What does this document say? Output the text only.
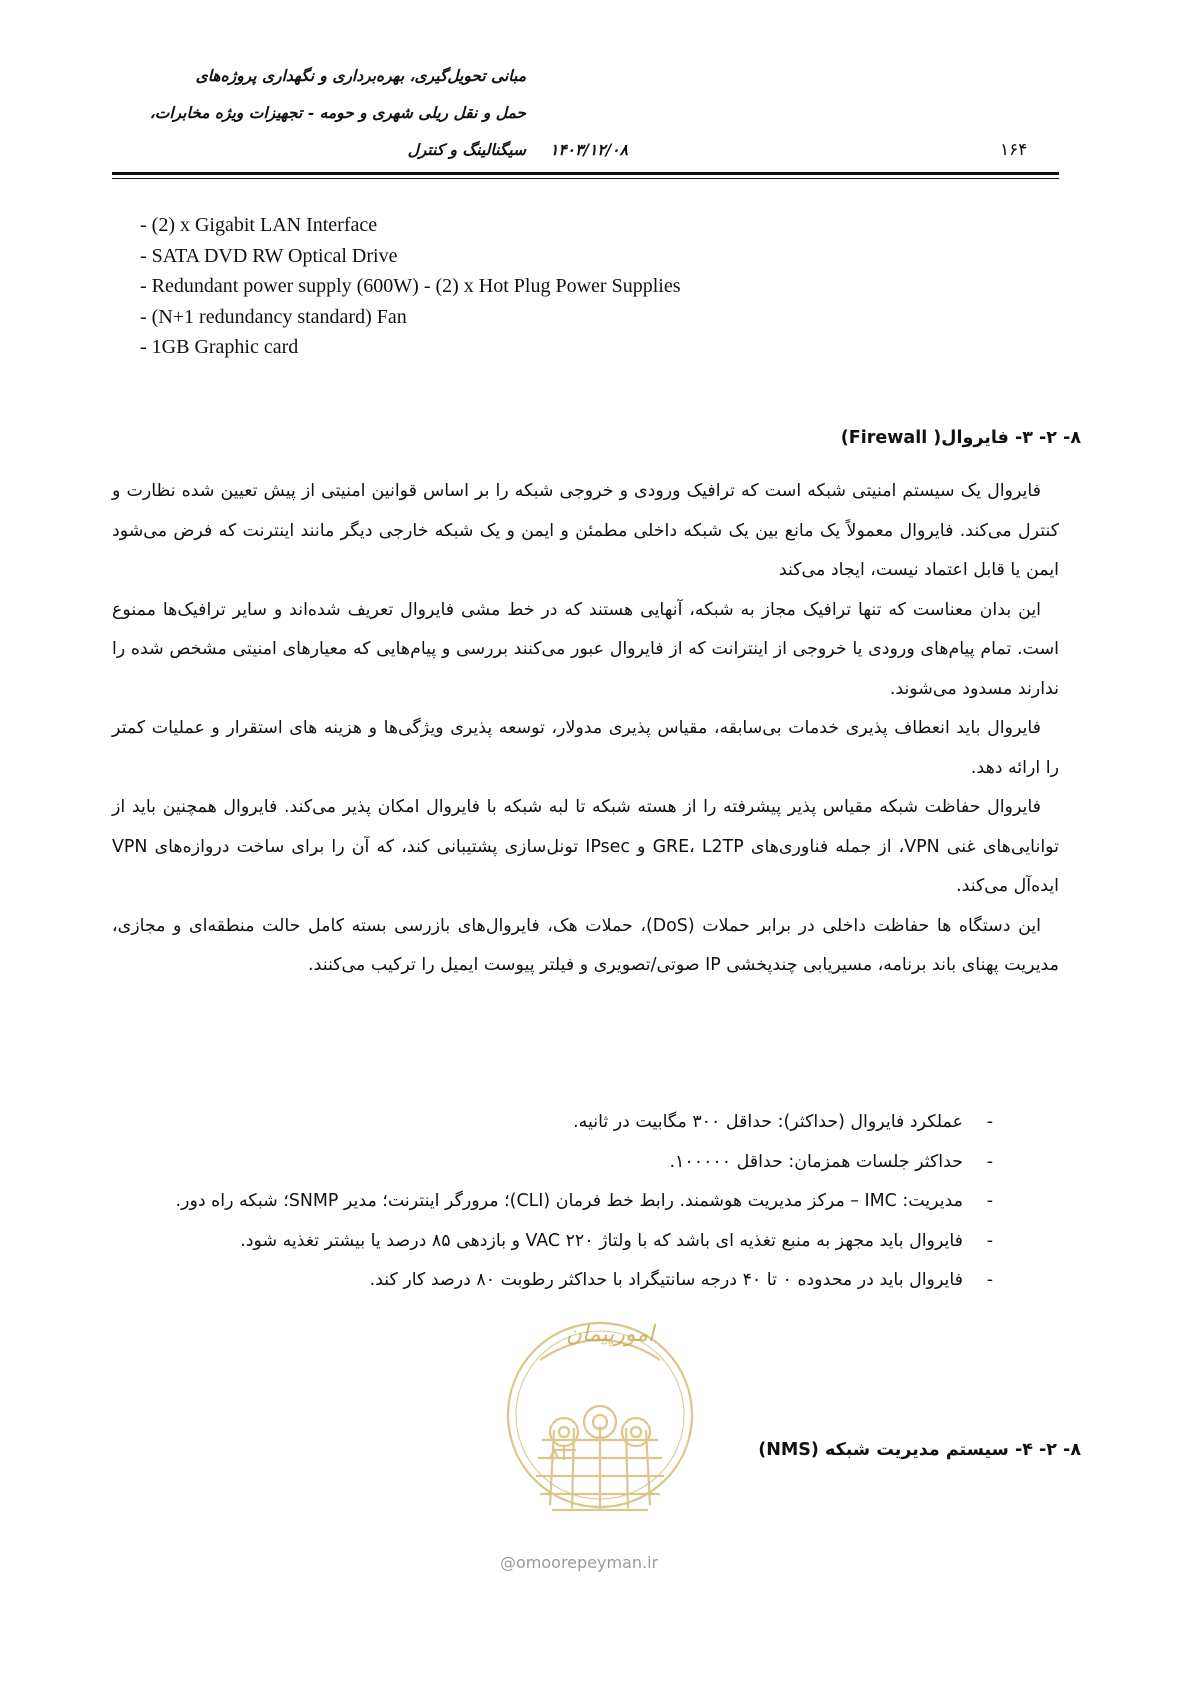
مبانی تحویل‌گیری، بهره‌برداری و نگهداری پروژه‌های
حمل و نقل ریلی شهری و حومه - تجهیزات ویژه مخابرات،
سیگنالینگ و کنترل ۱۴۰۳/۱۲/۰۸	۱۶۴
- (2) x Gigabit LAN Interface
- SATA DVD RW Optical Drive
- Redundant power supply (600W) - (2) x Hot Plug Power Supplies
- (N+1 redundancy standard) Fan
- 1GB Graphic card
۸- ۲- ۳- فایروال( Firewall)

فایروال یک سیستم امنیتی شبکه است که ترافیک ورودی و خروجی شبکه را بر اساس قوانین امنیتی از پیش تعیین شده نظارت و کنترل می‌کند. فایروال معمولاً یک مانع بین یک شبکه داخلی مطمئن و ایمن و یک شبکه خارجی دیگر مانند اینترنت که فرض می‌شود ایمن یا قابل اعتماد نیست، ایجاد می‌کند

این بدان معناست که تنها ترافیک مجاز به شبکه، آنهایی هستند که در خط مشی فایروال تعریف شده‌اند و سایر ترافیک‌ها ممنوع است. تمام پیام‌های ورودی یا خروجی از اینترانت که از فایروال عبور می‌کنند بررسی و پیام‌هایی که معیارهای امنیتی مشخص شده را ندارند مسدود می‌شوند.

فایروال باید انعطاف پذیری خدمات بی‌سابقه، مقیاس پذیری مدولار، توسعه پذیری ویژگی‌ها و هزینه های استقرار و عملیات کمتر را ارائه دهد.

فایروال حفاظت شبکه مقیاس پذیر پیشرفته را از هسته شبکه تا لبه شبکه با فایروال امکان پذیر می‌کند. فایروال همچنین باید از توانایی‌های غنی VPN، از جمله فناوری‌های GRE، L2TP و IPsec تونل‌سازی پشتیبانی کند، که آن را برای ساخت دروازه‌های VPN ایده‌آل می‌کند.

این دستگاه ها حفاظت داخلی در برابر حملات (DoS)، حملات هک، فایروال‌های بازرسی بسته کامل حالت منطقه‌ای و مجازی، مدیریت پهنای باند برنامه، مسیریابی چندپخشی IP صوتی/تصویری و فیلتر پیوست ایمیل را ترکیب می‌کنند.

-
عملکرد فایروال (حداکثر): حداقل ۳۰۰ مگابیت در ثانیه.
-
حداکثر جلسات همزمان: حداقل ۱۰۰۰۰۰.
-
مدیریت: IMC – مرکز مدیریت هوشمند. رابط خط فرمان (CLI)؛ مرورگر اینترنت؛ مدیر SNMP؛ شبکه راه دور.
-
فایروال باید مجهز به منبع تغذیه ای باشد که با ولتاژ ۲۲۰ VAC و بازدهی ۸۵ درصد یا بیشتر تغذیه شود.
-
فایروال باید در محدوده ۰ تا ۴۰ درجه سانتیگراد با حداکثر رطوبت ۸۰ درصد کار کند.
امورپیمان
@omoorepeyman.ir
۸- ۲- ۴- سیستم مدیریت شبکه (NMS)
